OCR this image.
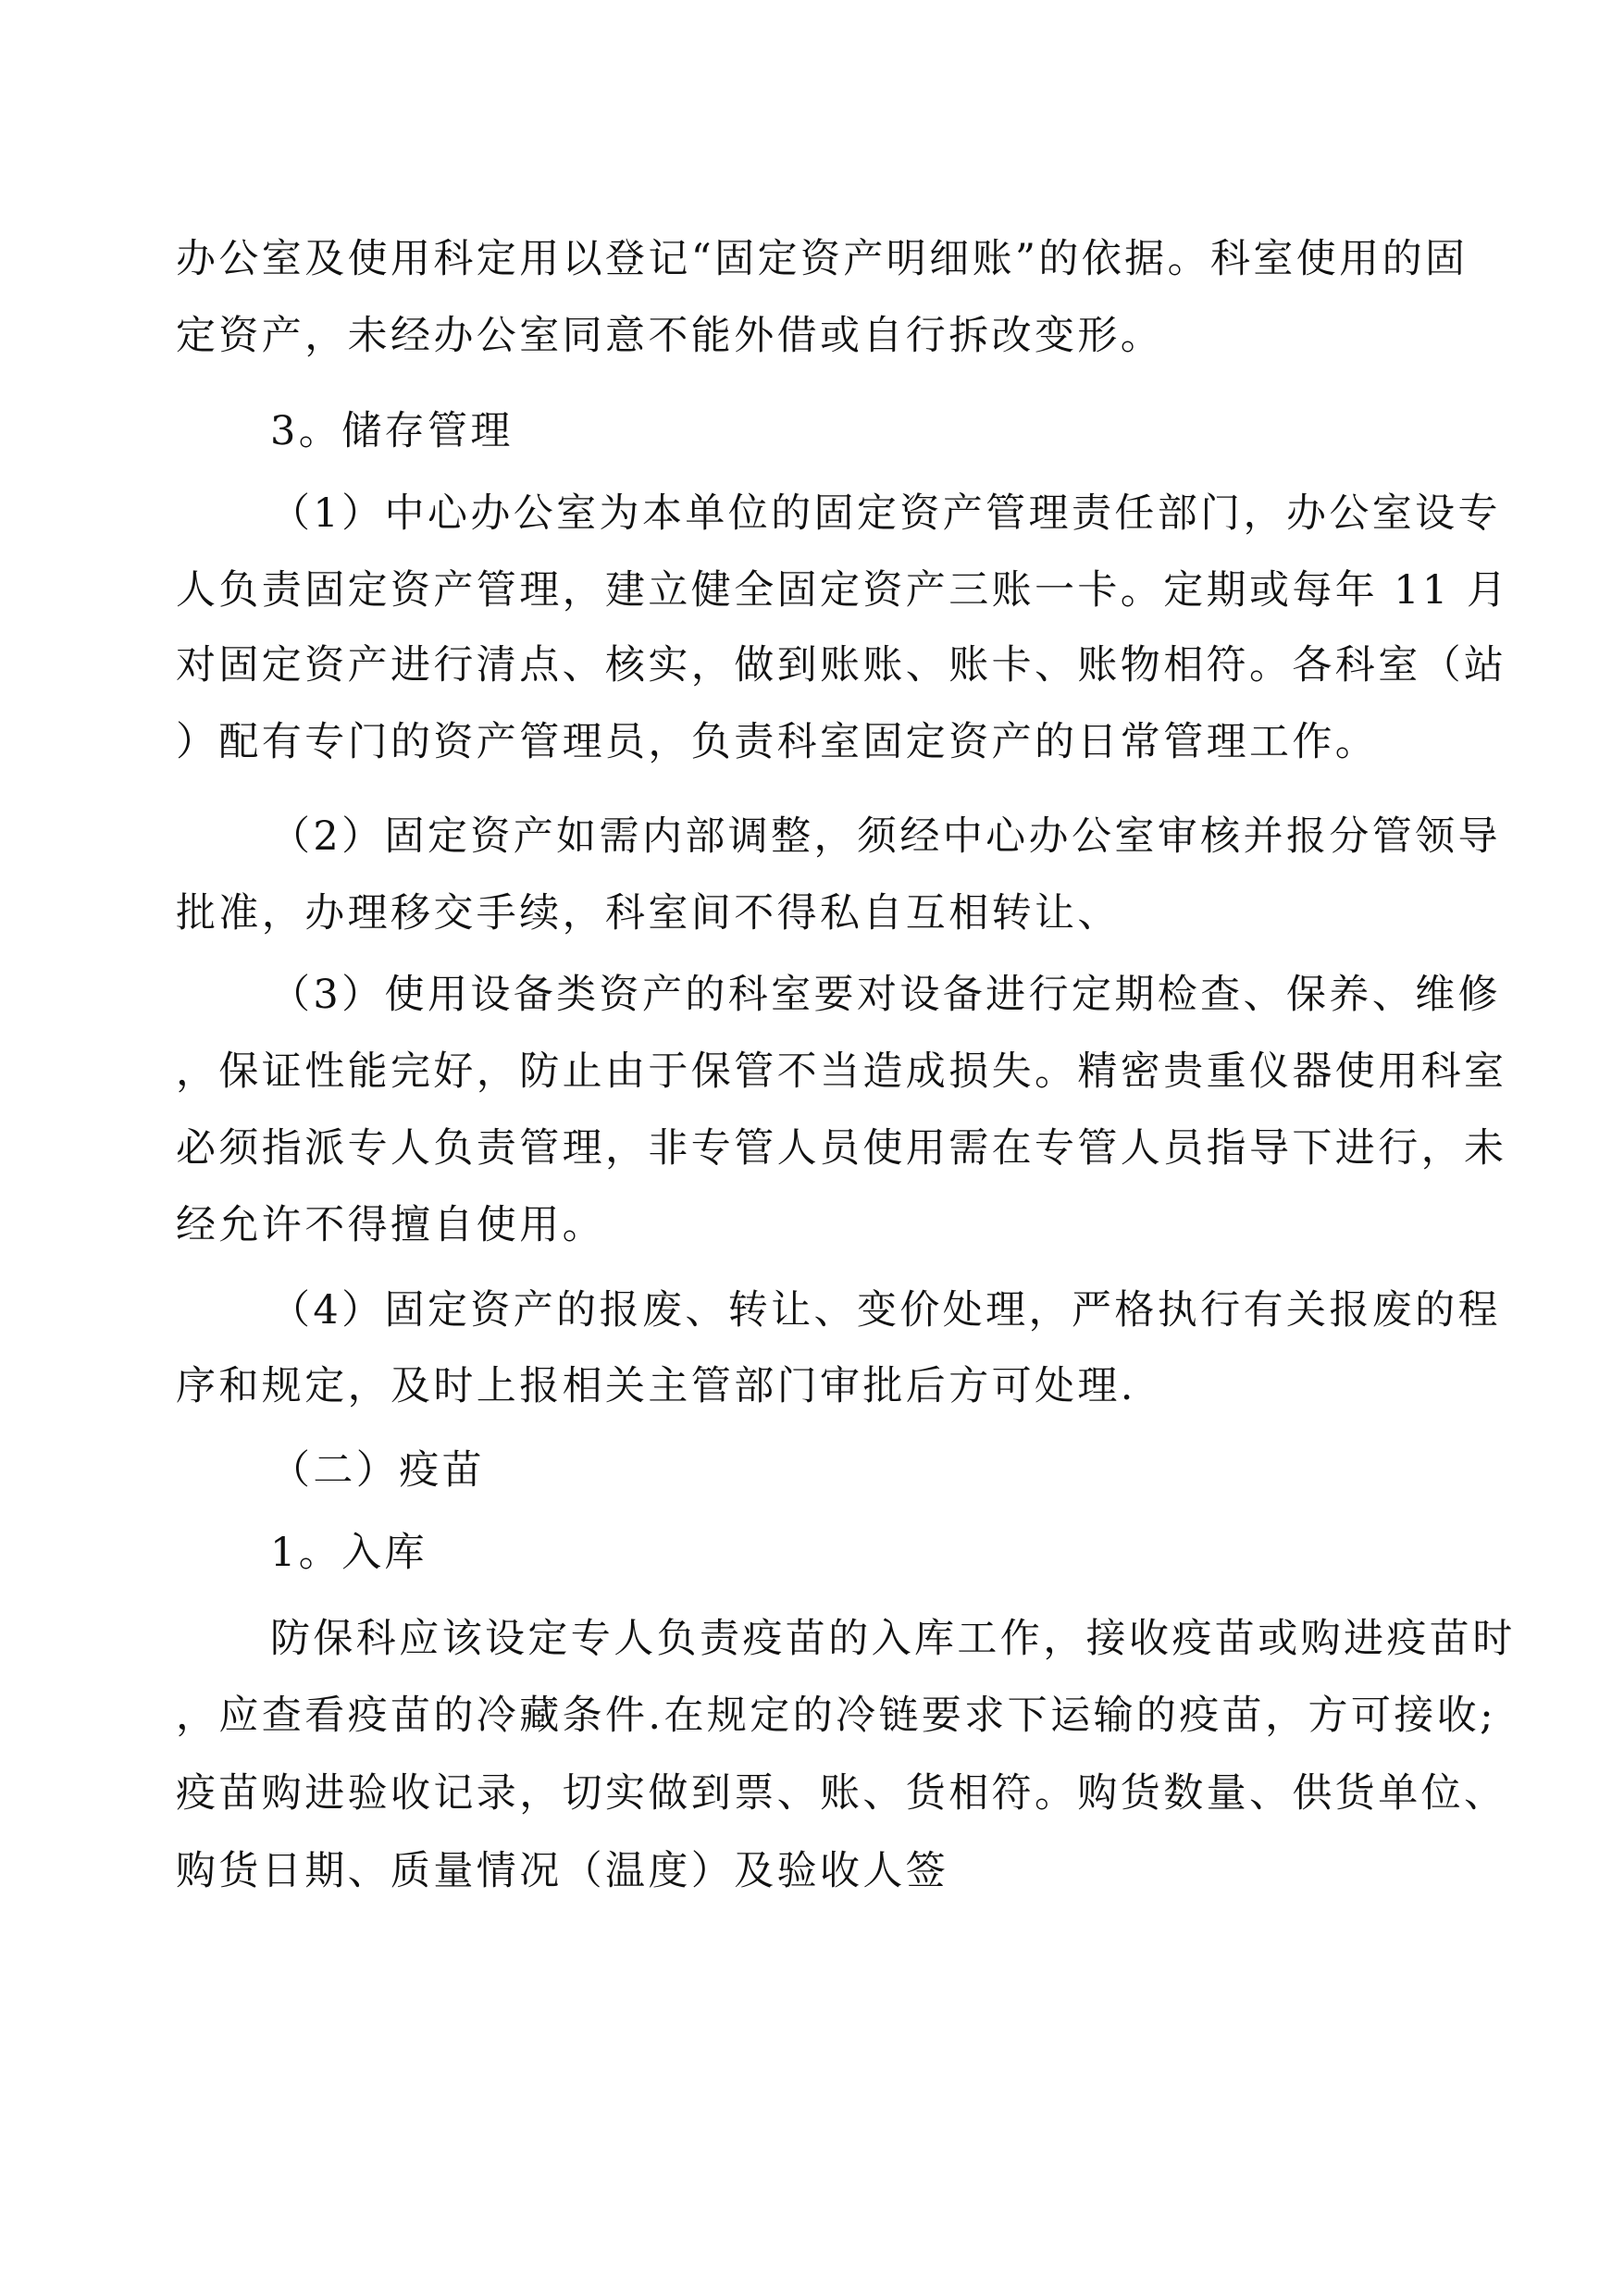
办公室及使用科定用以登记“固定资产明细账”的依据。科室使用的固

定资产，未经办公室同意不能外借或自行拆改变形。

3。储存管理

（1）中心办公室为本单位的固定资产管理责任部门，办公室设专

人负责固定资产管理，建立健全固定资产三账一卡。定期或每年 11 月

对固定资产进行清点、核实，做到账账、账卡、账物相符。各科室（站

）配有专门的资产管理员，负责科室固定资产的日常管理工作。

（2）固定资产如需内部调整，须经中心办公室审核并报分管领导

批准，办理移交手续，科室间不得私自互相转让、

（3）使用设备类资产的科室要对设备进行定期检查、保养、维修

，保证性能完好，防止由于保管不当造成损失。精密贵重仪器使用科室

必须指派专人负责管理，非专管人员使用需在专管人员指导下进行，未

经允许不得擅自使用。

（4）固定资产的报废、转让、变价处理，严格执行有关报废的程

序和规定，及时上报相关主管部门审批后方可处理.

（二）疫苗

1。入库

防保科应该设定专人负责疫苗的入库工作，接收疫苗或购进疫苗时

，应查看疫苗的冷藏条件.在规定的冷链要求下运输的疫苗，方可接收;

疫苗购进验收记录，切实做到票、账、货相符。购货数量、供货单位、

购货日期、质量情况（温度）及验收人签
